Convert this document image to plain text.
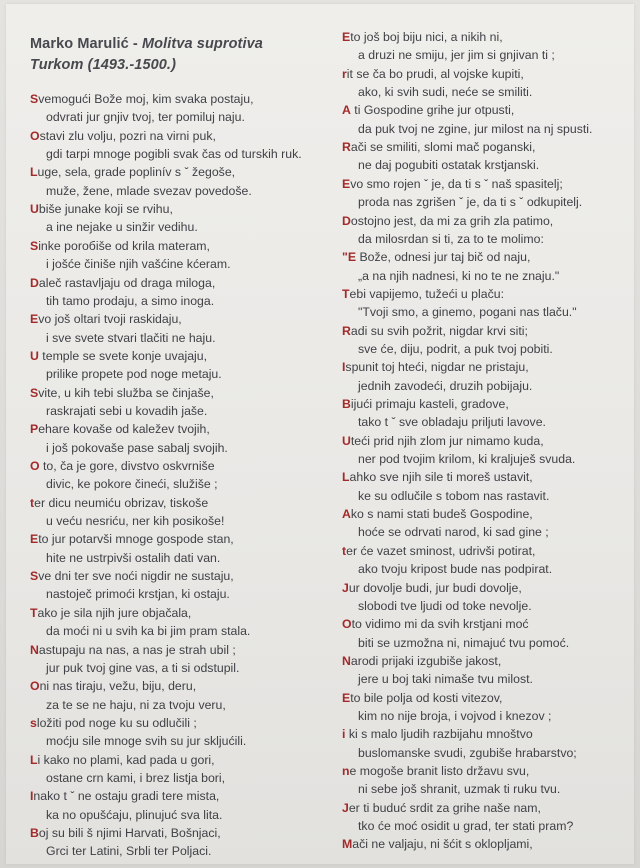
Marko Marulić - Molitva suprotiva
Turkom (1493.-1500.)
Svemogući Bože moj, kim svaka postaju,
odvrati jur gnjiv tvoj, ter pomiluj naju.
Ostavi zlu volju, pozri na virni puk,
gdi tarpi mnoge pogibli svak čas od turskih ruk.
Luge, sela, grade poplinív s ˇ žegoše,
muže, žene, mlade svezav povedoše.
Ubiše junake koji se rvihu,
a ine nejake u sinžir vedihu.
Sinke poroбiše od krila materam,
i jošće činiše njih vašćine kćeram.
Daleč rastavljaju od draga miloga,
tih tamo prodaju, a simo inoga.
Evo još oltari tvoji raskidaju,
i sve svete stvari tlačiti ne haju.
U temple se svete konje uvajaju,
prilike propete pod noge metaju.
Svite, u kih tebi služba se činjaše,
raskrajati sebi u kovadih jaše.
Pehare kovaše od kaležev tvojih,
i još pokovaše pase sabalj svojih.
O to, ča je gore, divstvo oskvrniše
divic, ke pokore čineći, služiše ;
ter dicu neumiću obrizav, tiskoše
u veću nesriću, ner kih posikoše!
Eto jur potarvši mnoge gospode stan,
hite ne ustrpivši ostalih dati van.
Sve dni ter sve noći nigdir ne sustaju,
nastoječ primoći krstjan, ki ostaju.
Tako je sila njih jure objačala,
da moći ni u svih ka bi jim pram stala.
Nastupaju na nas, a nas je strah ubil ;
jur puk tvoj gine vas, a ti si odstupil.
Oni nas tiraju, vežu, biju, deru,
za te se ne haju, ni za tvoju veru,
složiti pod noge ku su odlučili ;
moćju sile mnoge svih su jur skljućili.
Li kako no plami, kad pada u gori,
ostane crn kami, i brez listja bori,
Inako t ˇ ne ostaju gradi tere mista,
ka no opušćaju, plinujuć sva lita.
Boj su bili š njimi Harvati, Bošnjaci,
Grci ter Latini, Srbli ter Poljaci.
Eto još boj biju nici, a nikih ni,
a druzi ne smiju, jer jim si gnjivan ti ;
rit se ča bo prudi, al vojske kupiti,
ako, ki svih sudi, neće se smiliti.
A ti Gospodine grihe jur otpusti,
da puk tvoj ne zgine, jur milost na nj spusti.
Rači se smiliti, slomi mač poganski,
ne daj pogubiti ostatak krstjanski.
Evo smo rojen ˇ je, da ti s ˇ naš spasitelj;
proda nas zgrišen ˇ je, da ti s ˇ odkupitelj.
Dostojno jest, da mi za grih zla patimo,
da milosrdan si ti, za to te molimo:
"E Bože, odnesi jur taj bič od naju,
„a na njih nadnesi, ki no te ne znaju."
Tebi vapijemo, tužeći u plaču:
"Tvoji smo, a ginemo, pogani nas tlaču."
Radi su svih požrit, nigdar krvi siti;
sve će, diju, podrit, a puk tvoj pobiti.
Ispunit toj hteći, nigdar ne pristaju,
jednih zavodeći, druzih pobijaju.
Bijući primaju kasteli, gradove,
tako t ˇ sve obladaju priljuti lavove.
Uteći prid njih zlom jur nimamo kuda,
ner pod tvojim krilom, ki kraljuješ svuda.
Lahko sve njih sile ti moreš ustavit,
ke su odlučile s tobom nas rastavit.
Ako s nami stati budeš Gospodine,
hoće se odrvati narod, ki sad gine ;
ter će vazet sminost, udrivši potirat,
ako tvoju kripost bude nas podpirat.
Jur dovolje budi, jur budi dovolje,
slobodi tve ljudi od toke nevolje.
Oto vidimo mi da svih krstjani moć
biti se uzmožna ni, nimajuć tvu pomoć.
Narodi prijaki izgubiše jakost,
jere u boj taki nimaše tvu milost.
Eto bile polja od kosti vitezov,
kim no nije broja, i vojvod i knezov ;
i ki s malo ljudih razbijahu mnoštvo
buslomanske svudi, zgubiše hrabarstvo;
ne mogoše branit listo državu svu,
ni sebe još shranit, uzmak ti ruku tvu.
Jer ti buduć srdit za grihe naše nam,
tko će moć osidit u grad, ter stati pram?
Mači ne valjaju, ni šćit s oklopljami,
